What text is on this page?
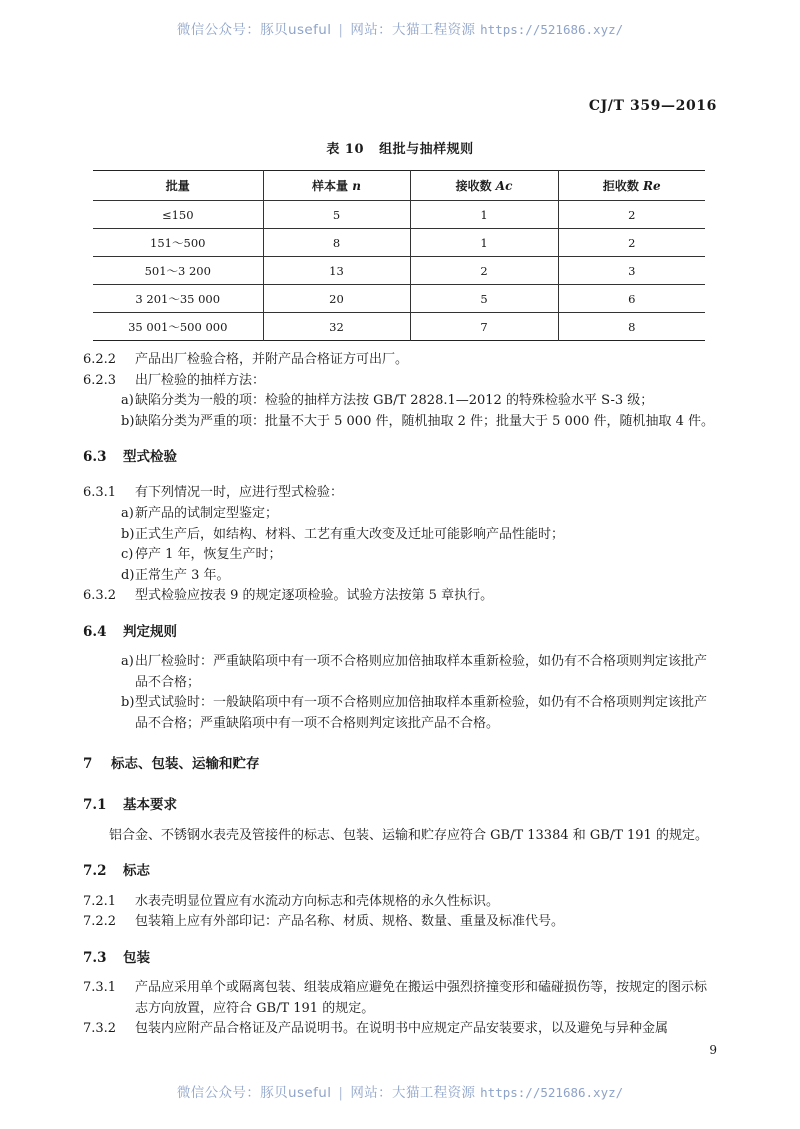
微信公众号：豚贝useful | 网站：大猫工程资源 https://521686.xyz/
CJ/T 359—2016
表 10 组批与抽样规则
批量	样本量 n	接收数 Ac	拒收数 Re
≤150	5	1	2
151～500	8	1	2
501～3 200	13	2	3
3 201～35 000	20	5	6
35 001～500 000	32	7	8
6.2.2	产品出厂检验合格，并附产品合格证方可出厂。
6.2.3	出厂检验的抽样方法：
a) 缺陷分类为一般的项：检验的抽样方法按 GB/T 2828.1—2012 的特殊检验水平 S-3 级；
b) 缺陷分类为严重的项：批量不大于 5 000 件，随机抽取 2 件；批量大于 5 000 件，随机抽取 4 件。
6.3	型式检验
6.3.1	有下列情况一时，应进行型式检验：
a) 新产品的试制定型鉴定；
b) 正式生产后，如结构、材料、工艺有重大改变及迁址可能影响产品性能时；
c) 停产 1 年，恢复生产时；
d) 正常生产 3 年。
6.3.2	型式检验应按表 9 的规定逐项检验。试验方法按第 5 章执行。
6.4	判定规则
a) 出厂检验时：严重缺陷项中有一项不合格则应加倍抽取样本重新检验，如仍有不合格项则判定该批产品不合格；
b) 型式试验时：一般缺陷项中有一项不合格则应加倍抽取样本重新检验，如仍有不合格项则判定该批产品不合格；严重缺陷项中有一项不合格则判定该批产品不合格。
7	标志、包装、运输和贮存
7.1	基本要求
铝合金、不锈钢水表壳及管接件的标志、包装、运输和贮存应符合 GB/T 13384 和 GB/T 191 的规定。
7.2	标志
7.2.1	水表壳明显位置应有水流动方向标志和壳体规格的永久性标识。
7.2.2	包装箱上应有外部印记：产品名称、材质、规格、数量、重量及标准代号。
7.3	包装
7.3.1	产品应采用单个或隔离包装、组装成箱应避免在搬运中强烈挤撞变形和磕碰损伤等，按规定的图示标志方向放置，应符合 GB/T 191 的规定。
7.3.2	包装内应附产品合格证及产品说明书。在说明书中应规定产品安装要求，以及避免与异种金属
9
微信公众号：豚贝useful | 网站：大猫工程资源 https://521686.xyz/
